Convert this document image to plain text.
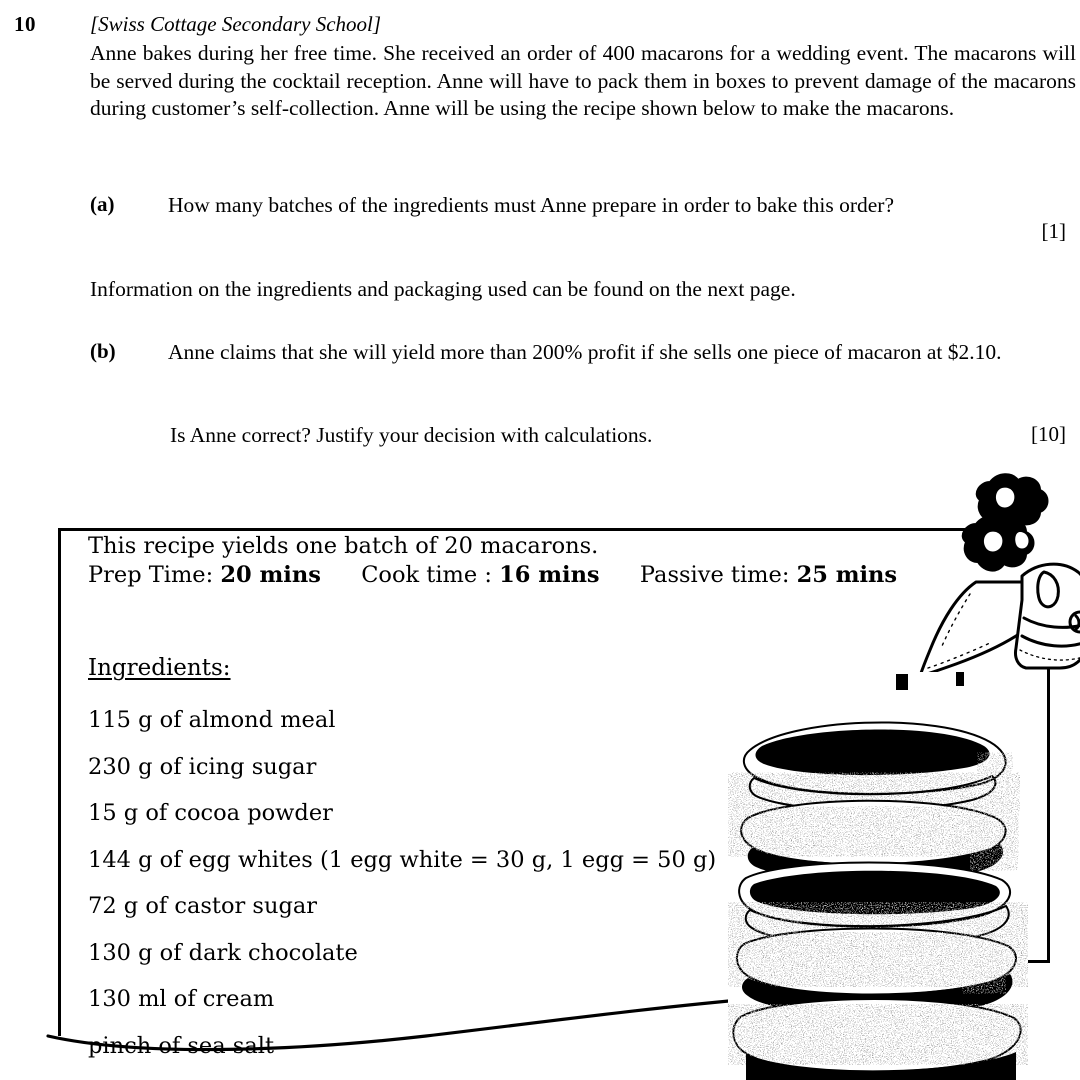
10	[Swiss Cottage Secondary School]
Anne bakes during her free time. She received an order of 400 macarons for a wedding event. The macarons will be served during the cocktail reception. Anne will have to pack them in boxes to prevent damage of the macarons during customer’s self-collection. Anne will be using the recipe shown below to make the macarons.
(a) How many batches of the ingredients must Anne prepare in order to bake this order?
[1]
Information on the ingredients and packaging used can be found on the next page.
(b) Anne claims that she will yield more than 200% profit if she sells one piece of macaron at $2.10.
Is Anne correct? Justify your decision with calculations.	[10]
This recipe yields one batch of 20 macarons.
Prep Time: 20 mins Cook time : 16 mins Passive time: 25 mins
Ingredients:
115 g of almond meal
230 g of icing sugar
15 g of cocoa powder
144 g of egg whites (1 egg white = 30 g, 1 egg = 50 g)
72 g of castor sugar
130 g of dark chocolate
130 ml of cream
pinch of sea salt
